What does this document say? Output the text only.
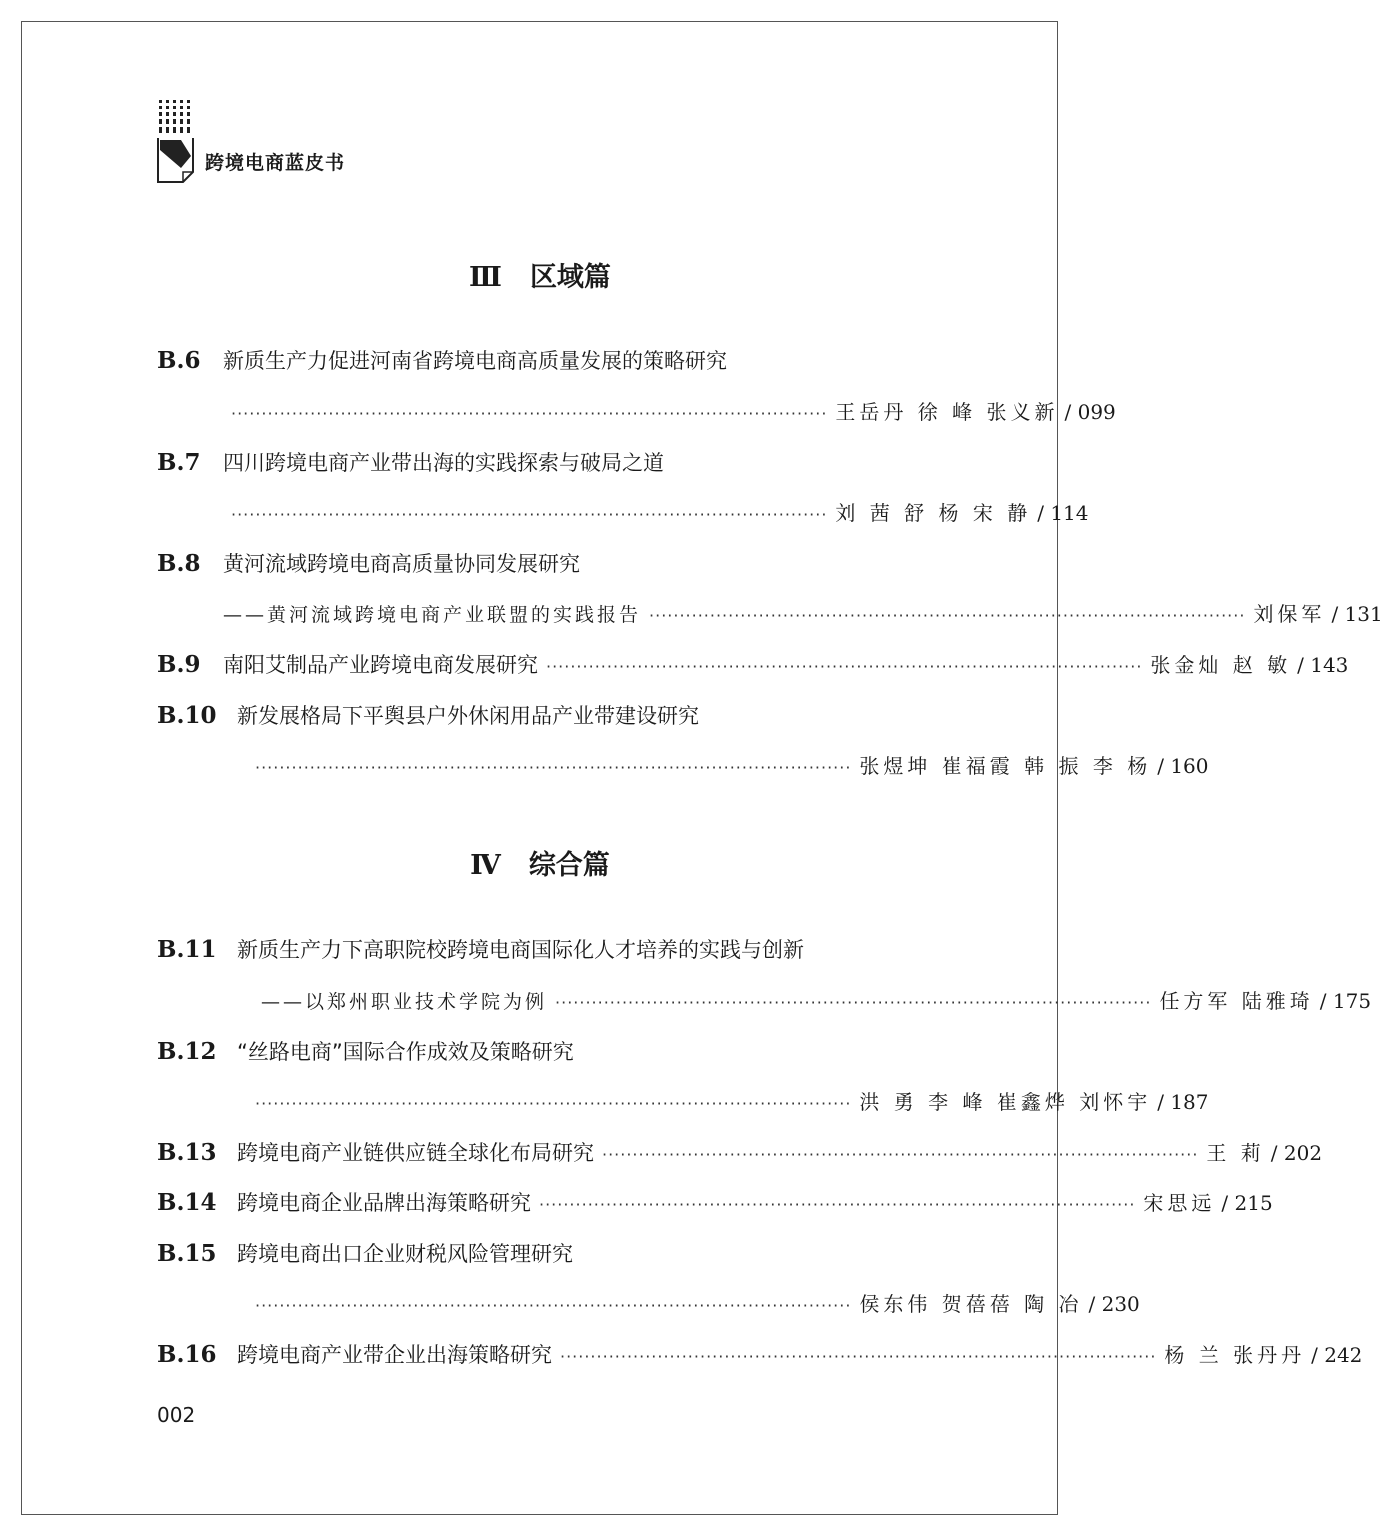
跨境电商蓝皮书
Ⅲ 区域篇
B.6	新质生产力促进河南省跨境电商高质量发展的策略研究
·································································································· 王岳丹 徐 峰 张义新 / 099
B.7	四川跨境电商产业带出海的实践探索与破局之道
·································································································· 刘 茜 舒 杨 宋 静 / 114
B.8	黄河流域跨境电商高质量协同发展研究
——黄河流域跨境电商产业联盟的实践报告 ·································································································· 刘保军 / 131
B.9	南阳艾制品产业跨境电商发展研究 ·································································································· 张金灿 赵 敏 / 143
B.10 新发展格局下平舆县户外休闲用品产业带建设研究
·································································································· 张煜坤 崔福霞 韩 振 李 杨 / 160
Ⅳ 综合篇
B.11 新质生产力下高职院校跨境电商国际化人才培养的实践与创新
——以郑州职业技术学院为例 ·································································································· 任方军 陆雅琦 / 175
B.12 “丝路电商”国际合作成效及策略研究
·································································································· 洪 勇 李 峰 崔鑫烨 刘怀宇 / 187
B.13 跨境电商产业链供应链全球化布局研究 ·································································································· 王 莉 / 202
B.14 跨境电商企业品牌出海策略研究 ·································································································· 宋思远 / 215
B.15 跨境电商出口企业财税风险管理研究
·································································································· 侯东伟 贺蓓蓓 陶 冶 / 230
B.16 跨境电商产业带企业出海策略研究 ·································································································· 杨 兰 张丹丹 / 242
002
